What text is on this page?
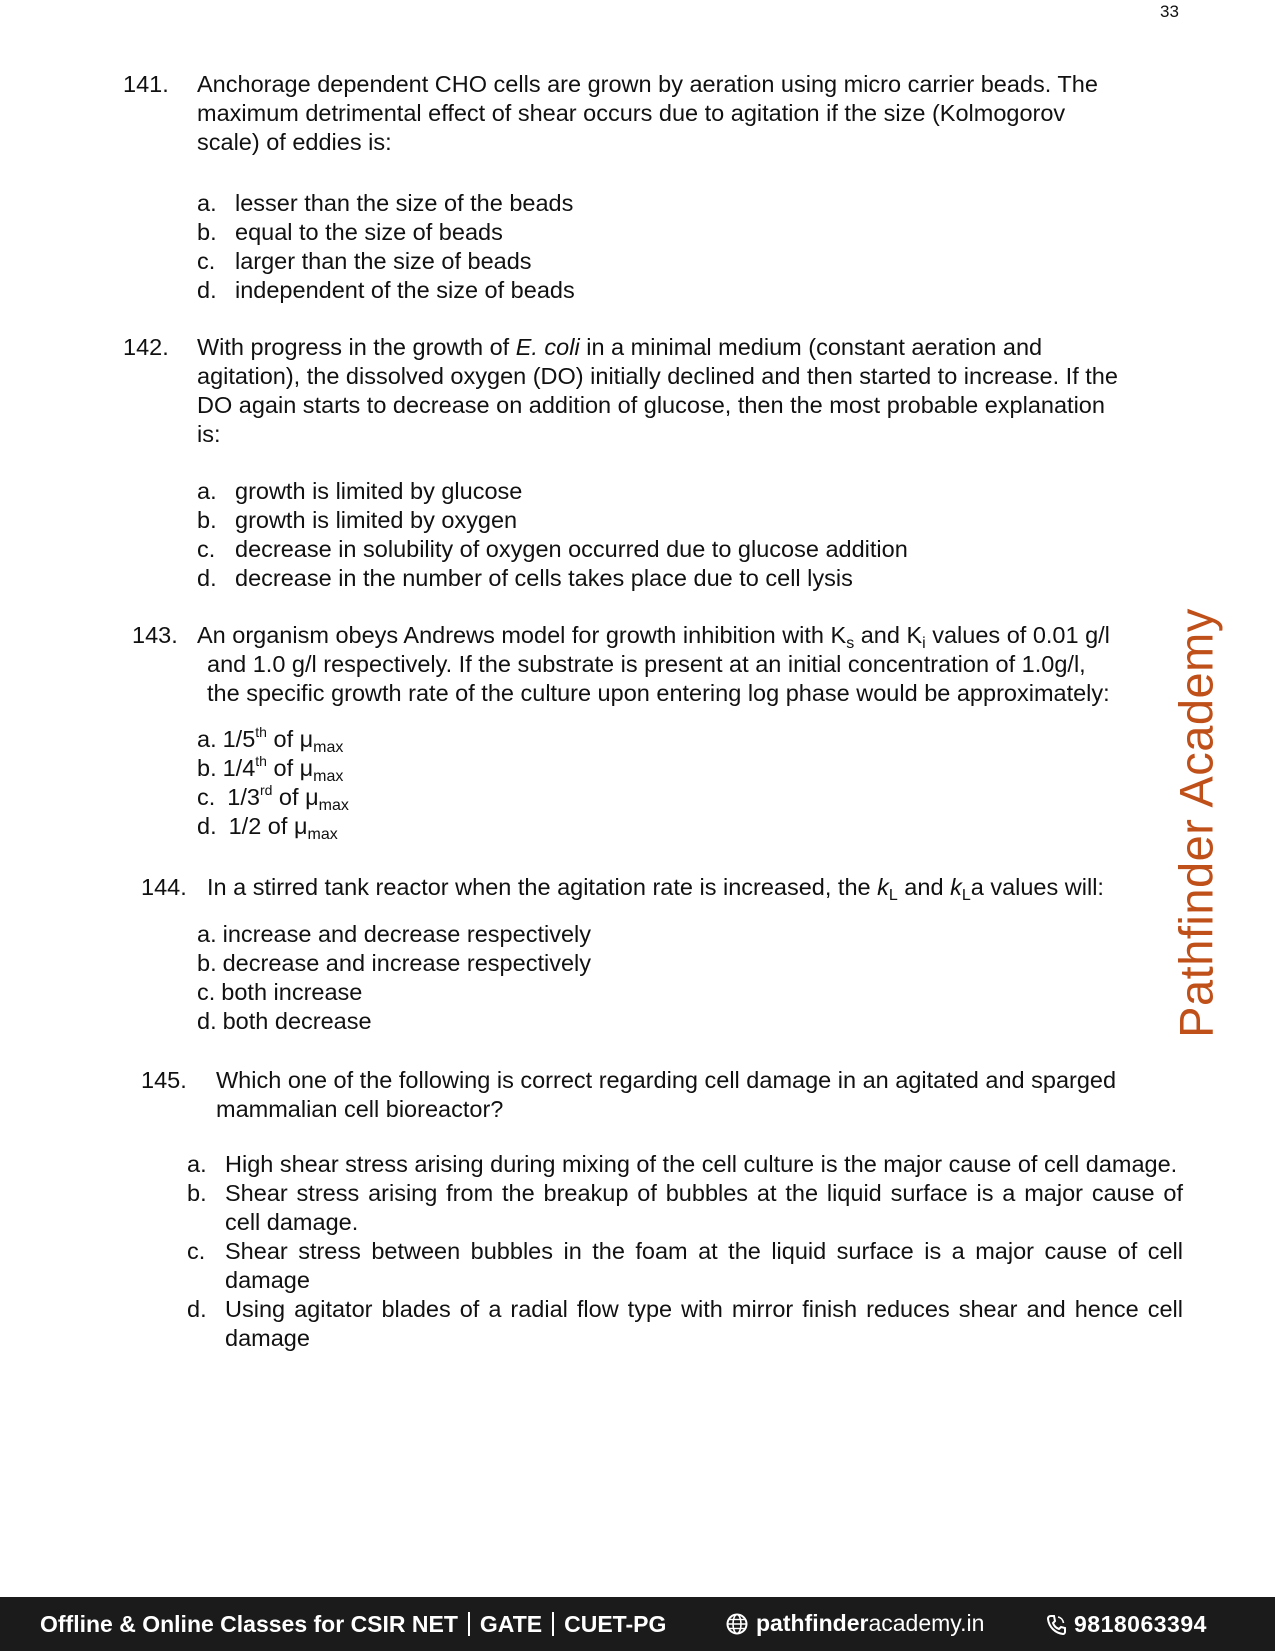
33
141. Anchorage dependent CHO cells are grown by aeration using micro carrier beads. The
maximum detrimental effect of shear occurs due to agitation if the size (Kolmogorov
scale) of eddies is:
a. lesser than the size of the beads
b. equal to the size of beads
c. larger than the size of beads
d. independent of the size of beads
142. With progress in the growth of E. coli in a minimal medium (constant aeration and
agitation), the dissolved oxygen (DO) initially declined and then started to increase. If the
DO again starts to decrease on addition of glucose, then the most probable explanation
is:
a. growth is limited by glucose
b. growth is limited by oxygen
c. decrease in solubility of oxygen occurred due to glucose addition
d. decrease in the number of cells takes place due to cell lysis
143. An organism obeys Andrews model for growth inhibition with $K_s$ and $K_i$ values of 0.01 g/l
and 1.0 g/l respectively. If the substrate is present at an initial concentration of 1.0g/l,
the specific growth rate of the culture upon entering log phase would be approximately:
a. 1/5th of $\mu_{max}$
b. 1/4th of $\mu_{max}$
c. 1/3rd of $\mu_{max}$
d. 1/2 of $\mu_{max}$
144. In a stirred tank reactor when the agitation rate is increased, the $k_L$ and $k_La$ values will:
a. increase and decrease respectively
b. decrease and increase respectively
c. both increase
d. both decrease
145. Which one of the following is correct regarding cell damage in an agitated and sparged
mammalian cell bioreactor?
a. High shear stress arising during mixing of the cell culture is the major cause of cell damage.
b. Shear stress arising from the breakup of bubbles at the liquid surface is a major cause of cell damage.
c. Shear stress between bubbles in the foam at the liquid surface is a major cause of cell damage
d. Using agitator blades of a radial flow type with mirror finish reduces shear and hence cell damage
Pathfinder Academy
Offline & Online Classes for CSIR NET GATE CUET-PG	pathfinderacademy.in	9818063394
